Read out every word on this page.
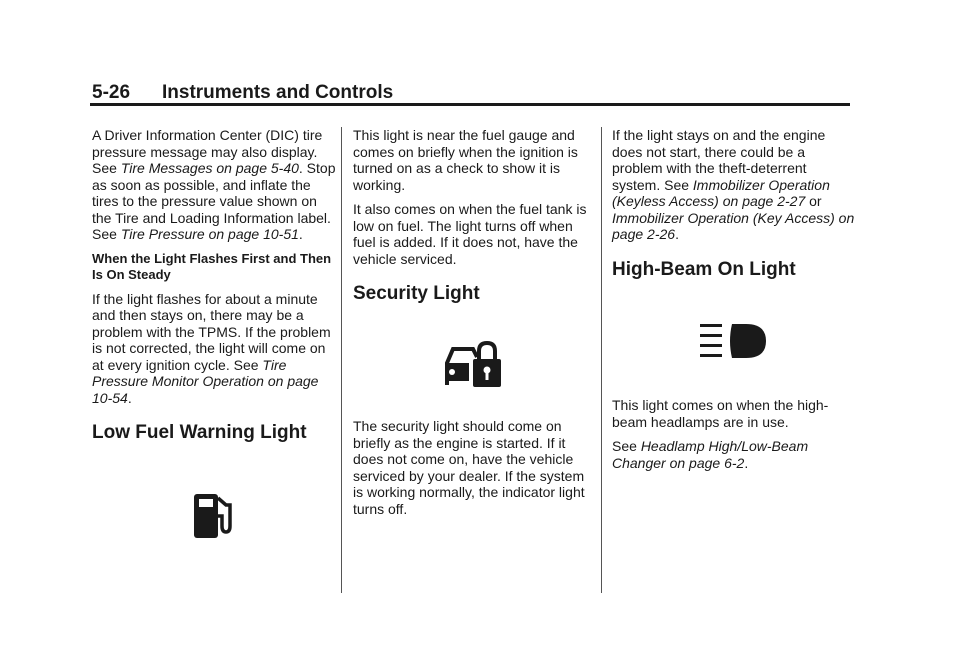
5-26 Instruments and Controls

A Driver Information Center (DIC) tire pressure message may also display. See Tire Messages on page 5-40. Stop as soon as possible, and inflate the tires to the pressure value shown on the Tire and Loading Information label. See Tire Pressure on page 10-51.

When the Light Flashes First and Then Is On Steady

If the light flashes for about a minute and then stays on, there may be a problem with the TPMS. If the problem is not corrected, the light will come on at every ignition cycle. See Tire Pressure Monitor Operation on page 10-54.

Low Fuel Warning Light

This light is near the fuel gauge and comes on briefly when the ignition is turned on as a check to show it is working.

It also comes on when the fuel tank is low on fuel. The light turns off when fuel is added. If it does not, have the vehicle serviced.

Security Light
The security light should come on briefly as the engine is started. If it does not come on, have the vehicle serviced by your dealer. If the system is working normally, the indicator light turns off.

If the light stays on and the engine does not start, there could be a problem with the theft-deterrent system. See Immobilizer Operation (Keyless Access) on page 2-27 or Immobilizer Operation (Key Access) on page 2-26.

High-Beam On Light

This light comes on when the high-beam headlamps are in use.

See Headlamp High/Low-Beam Changer on page 6-2.
